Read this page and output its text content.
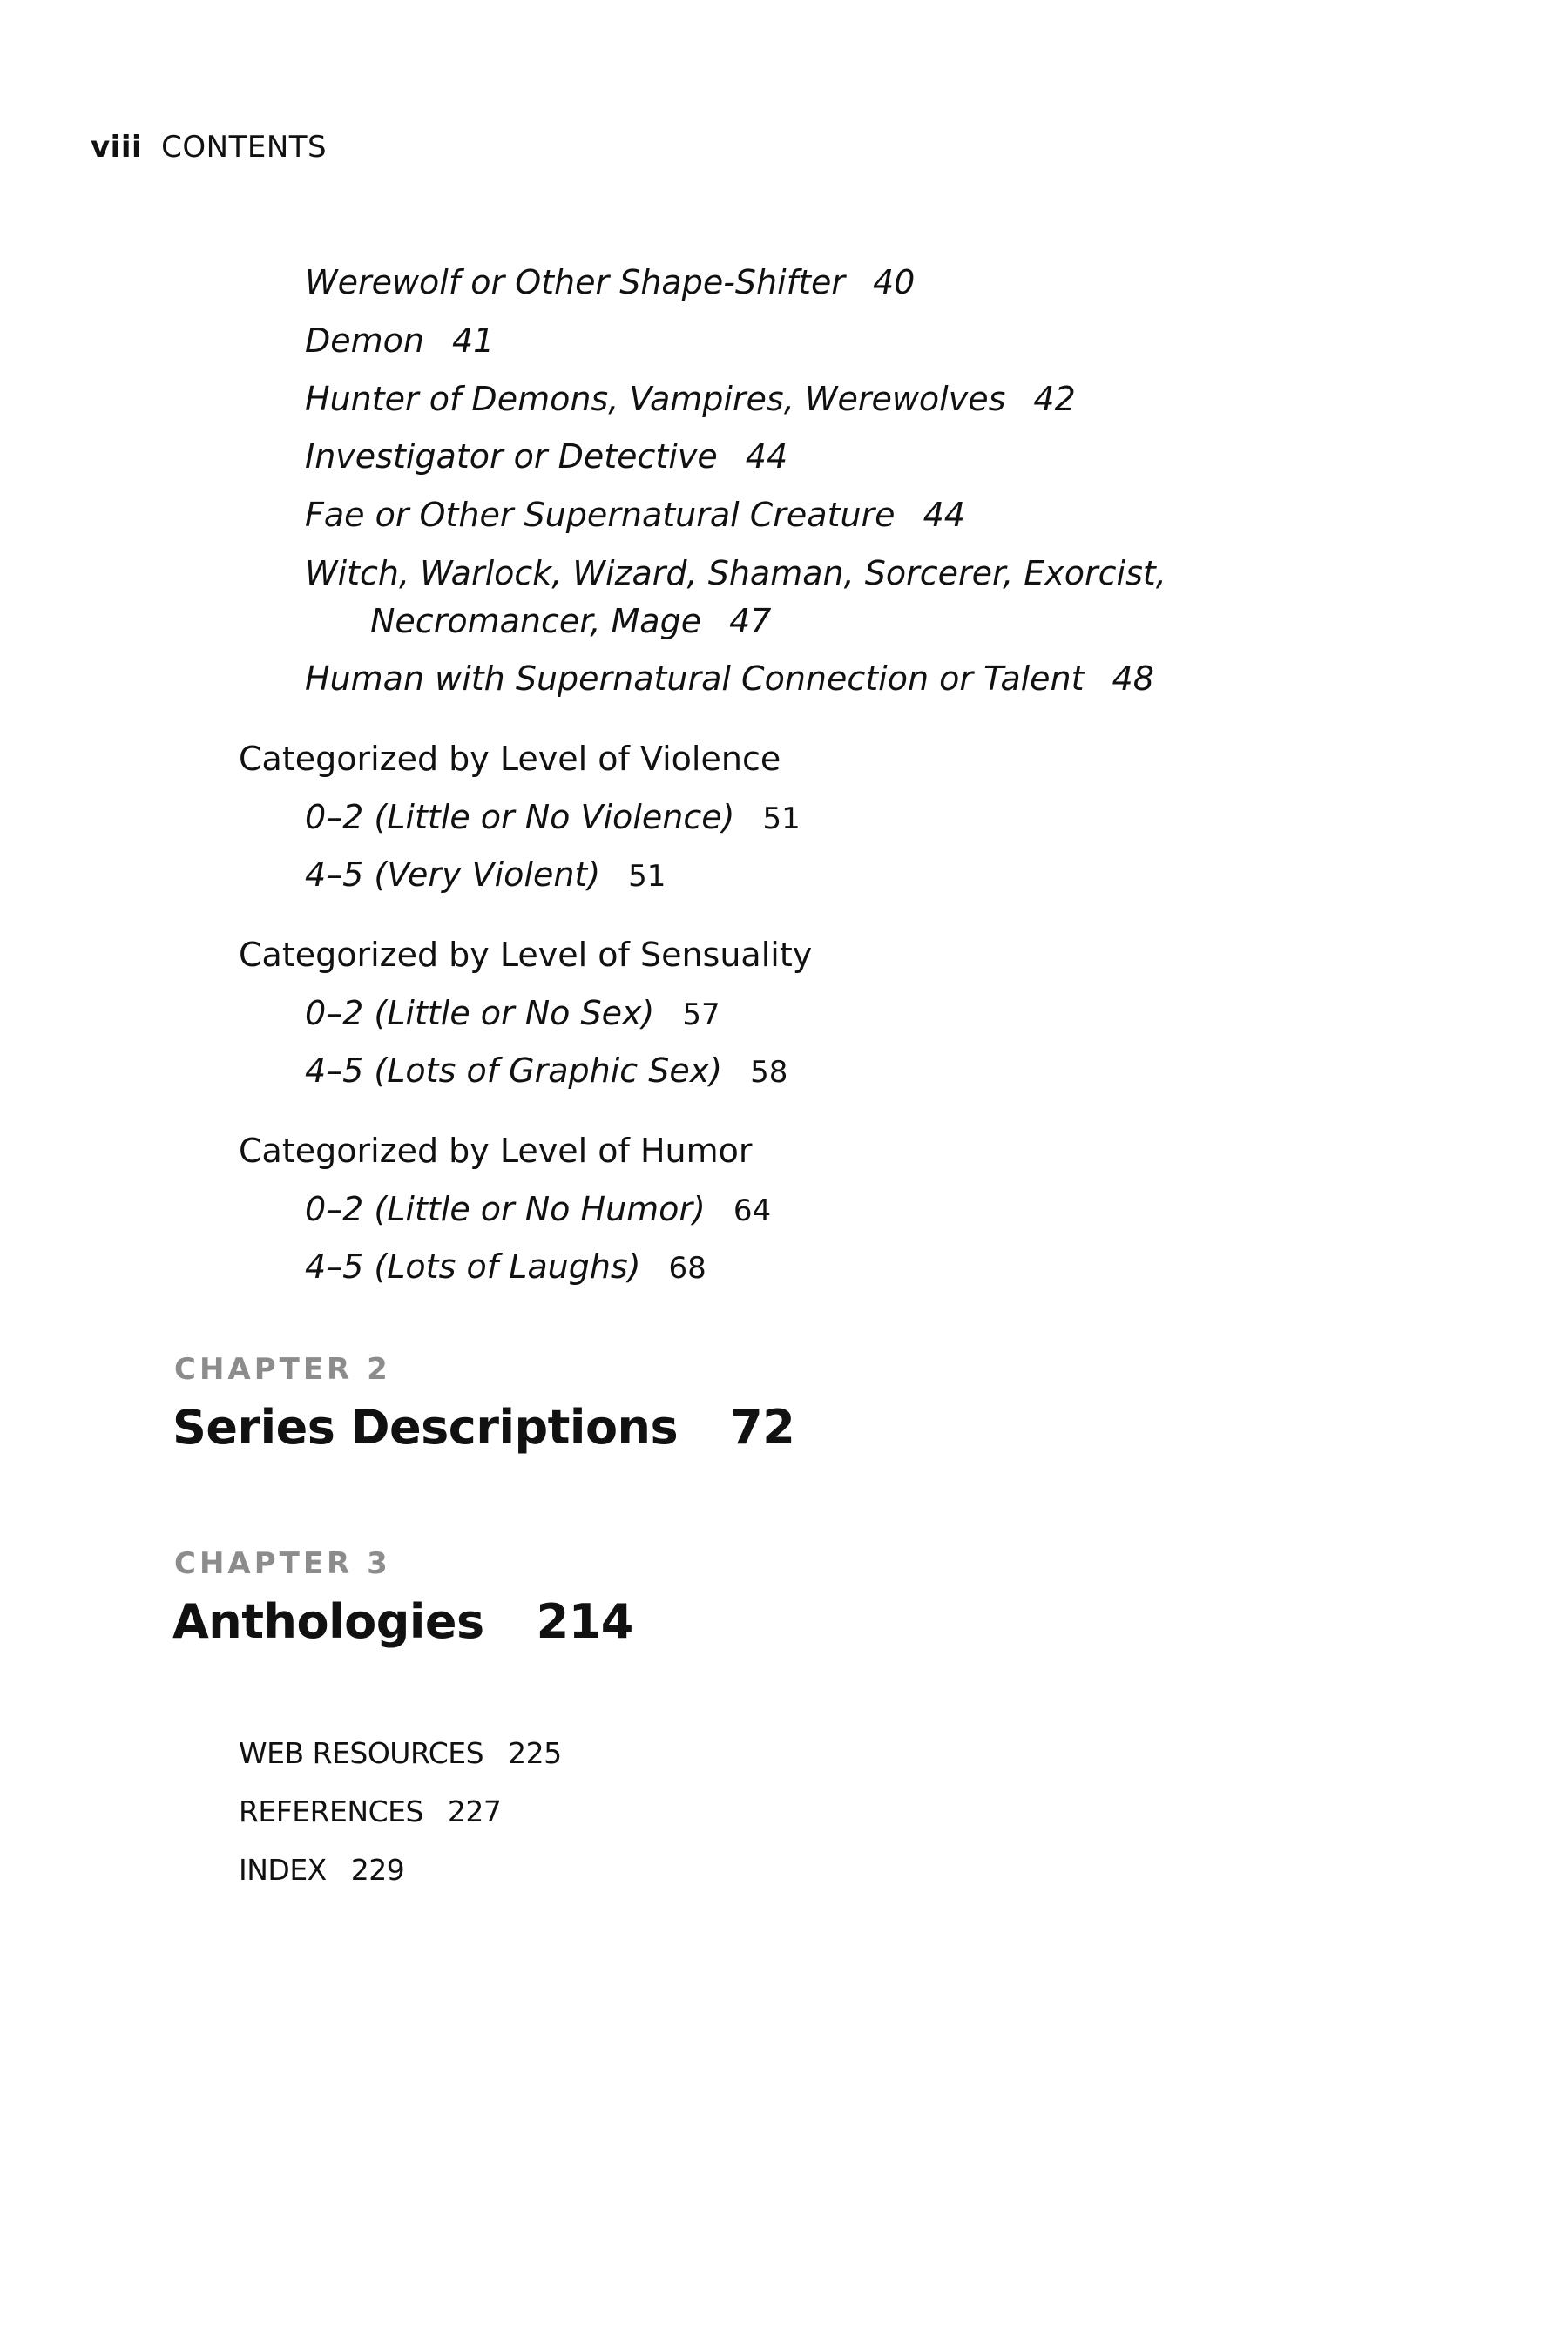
viii CONTENTS
Werewolf or Other Shape-Shifter 40
Demon 41
Hunter of Demons, Vampires, Werewolves 42
Investigator or Detective 44
Fae or Other Supernatural Creature 44
Witch, Warlock, Wizard, Shaman, Sorcerer, Exorcist,
Necromancer, Mage 47
Human with Supernatural Connection or Talent 48
Categorized by Level of Violence
0–2 (Little or No Violence) 51
4–5 (Very Violent) 51
Categorized by Level of Sensuality
0–2 (Little or No Sex) 57
4–5 (Lots of Graphic Sex) 58
Categorized by Level of Humor
0–2 (Little or No Humor) 64
4–5 (Lots of Laughs) 68
CHAPTER 2
Series Descriptions 72
CHAPTER 3
Anthologies 214
WEB RESOURCES 225
REFERENCES 227
INDEX 229
